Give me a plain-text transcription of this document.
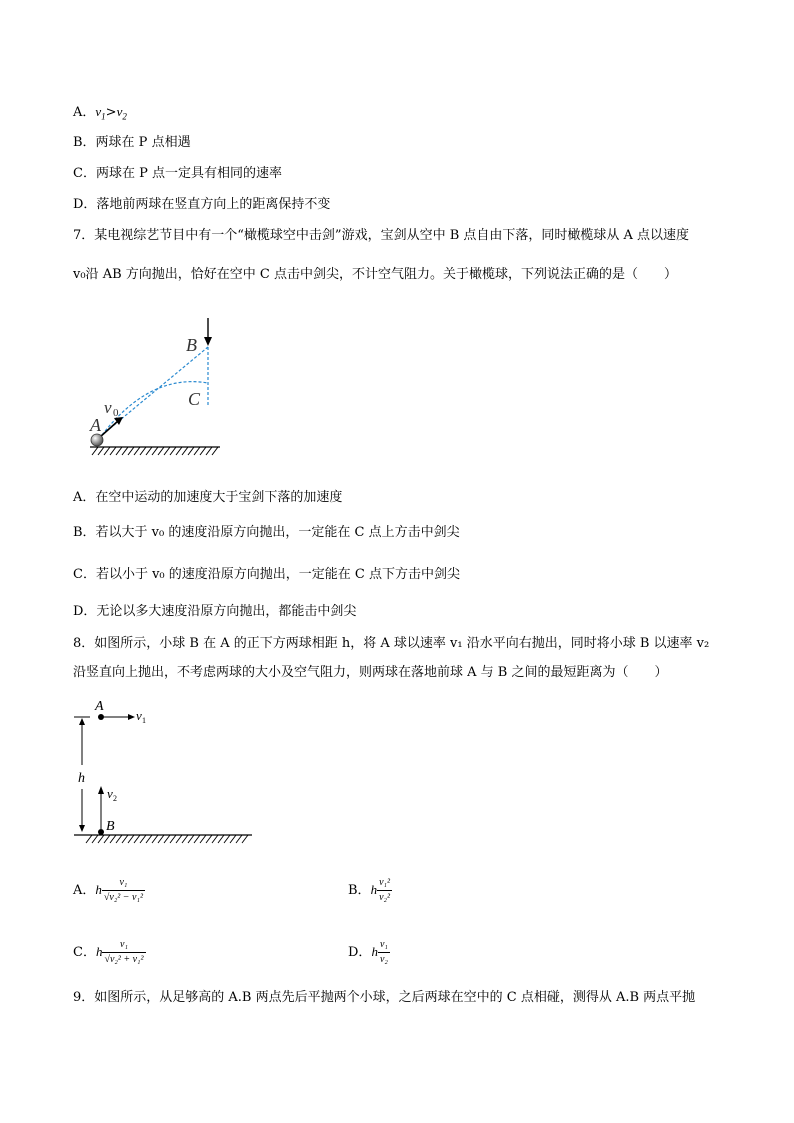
A．$v_1>v_2$
B．两球在 P 点相遇
C．两球在 P 点一定具有相同的速率
D．落地前两球在竖直方向上的距离保持不变
7．某电视综艺节目中有一个“橄榄球空中击剑”游戏，宝剑从空中 B 点自由下落，同时橄榄球从 A 点以速度
v₀沿 AB 方向抛出，恰好在空中 C 点击中剑尖，不计空气阻力。关于橄榄球，下列说法正确的是（　　）
B
C
A
v 0
A．在空中运动的加速度大于宝剑下落的加速度
B．若以大于 v₀ 的速度沿原方向抛出，一定能在 C 点上方击中剑尖
C．若以小于 v₀ 的速度沿原方向抛出，一定能在 C 点下方击中剑尖
D．无论以多大速度沿原方向抛出，都能击中剑尖
8．如图所示，小球 B 在 A 的正下方两球相距 h，将 A 球以速率 v₁ 沿水平向右抛出，同时将小球 B 以速率 v₂
沿竖直向上抛出，不考虑两球的大小及空气阻力，则两球在落地前球 A 与 B 之间的最短距离为（　　）
h
A
v 1
v 2
B
A．h $\frac{\text{v₁}}{\text{√v₂² − v₁²}}$	B．h $\frac{\text{v₁²}}{\text{v₂²}}$
C．h $\frac{\text{v₁}}{\text{√v₂² + v₁²}}$	D．h $\frac{\text{v₁}}{\text{v₂}}$
9．如图所示，从足够高的 A.B 两点先后平抛两个小球，之后两球在空中的 C 点相碰，测得从 A.B 两点平抛
